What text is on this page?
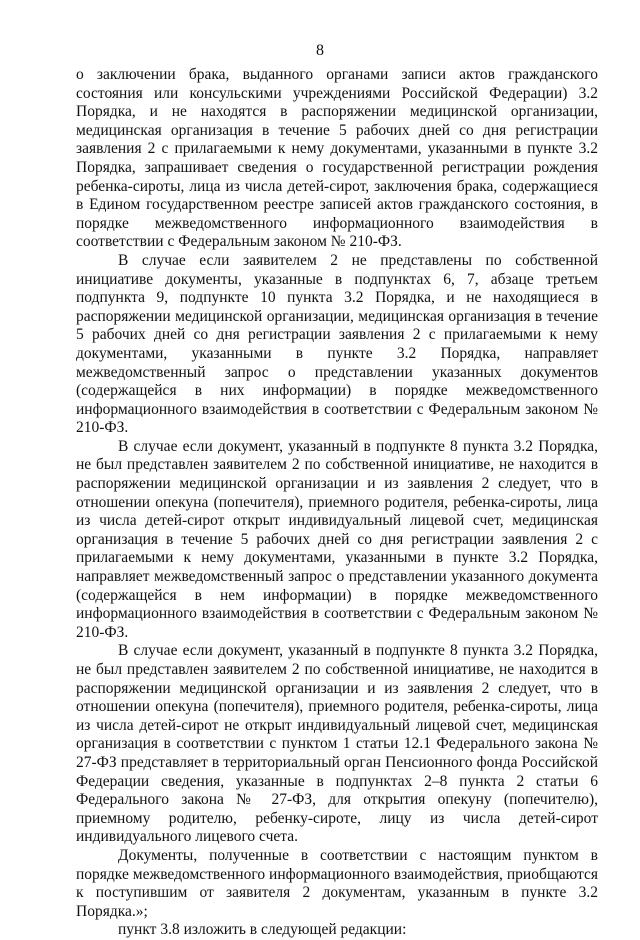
8

о заключении брака, выданного органами записи актов гражданского состояния или консульскими учреждениями Российской Федерации) 3.2 Порядка, и не находятся в распоряжении медицинской организации, медицинская организация в течение 5 рабочих дней со дня регистрации заявления 2 с прилагаемыми к нему документами, указанными в пункте 3.2 Порядка, запрашивает сведения о государственной регистрации рождения ребенка-сироты, лица из числа детей-сирот, заключения брака, содержащиеся в Едином государственном реестре записей актов гражданского состояния, в порядке межведомственного информационного взаимодействия в соответствии с Федеральным законом № 210-ФЗ.

В случае если заявителем 2 не представлены по собственной инициативе документы, указанные в подпунктах 6, 7, абзаце третьем подпункта 9, подпункте 10 пункта 3.2 Порядка, и не находящиеся в распоряжении медицинской организации, медицинская организация в течение 5 рабочих дней со дня регистрации заявления 2 с прилагаемыми к нему документами, указанными в пункте 3.2 Порядка, направляет межведомственный запрос о представлении указанных документов (содержащейся в них информации) в порядке межведомственного информационного взаимодействия в соответствии с Федеральным законом № 210-ФЗ.

В случае если документ, указанный в подпункте 8 пункта 3.2 Порядка, не был представлен заявителем 2 по собственной инициативе, не находится в распоряжении медицинской организации и из заявления 2 следует, что в отношении опекуна (попечителя), приемного родителя, ребенка-сироты, лица из числа детей-сирот открыт индивидуальный лицевой счет, медицинская организация в течение 5 рабочих дней со дня регистрации заявления 2 с прилагаемыми к нему документами, указанными в пункте 3.2 Порядка, направляет межведомственный запрос о представлении указанного документа (содержащейся в нем информации) в порядке межведомственного информационного взаимодействия в соответствии с Федеральным законом № 210-ФЗ.

В случае если документ, указанный в подпункте 8 пункта 3.2 Порядка, не был представлен заявителем 2 по собственной инициативе, не находится в распоряжении медицинской организации и из заявления 2 следует, что в отношении опекуна (попечителя), приемного родителя, ребенка-сироты, лица из числа детей-сирот не открыт индивидуальный лицевой счет, медицинская организация в соответствии с пунктом 1 статьи 12.1 Федерального закона № 27-ФЗ представляет в территориальный орган Пенсионного фонда Российской Федерации сведения, указанные в подпунктах 2–8 пункта 2 статьи 6 Федерального закона № 27-ФЗ, для открытия опекуну (попечителю), приемному родителю, ребенку-сироте, лицу из числа детей-сирот индивидуального лицевого счета.

Документы, полученные в соответствии с настоящим пунктом в порядке межведомственного информационного взаимодействия, приобщаются к поступившим от заявителя 2 документам, указанным в пункте 3.2 Порядка.»;

пункт 3.8 изложить в следующей редакции:
